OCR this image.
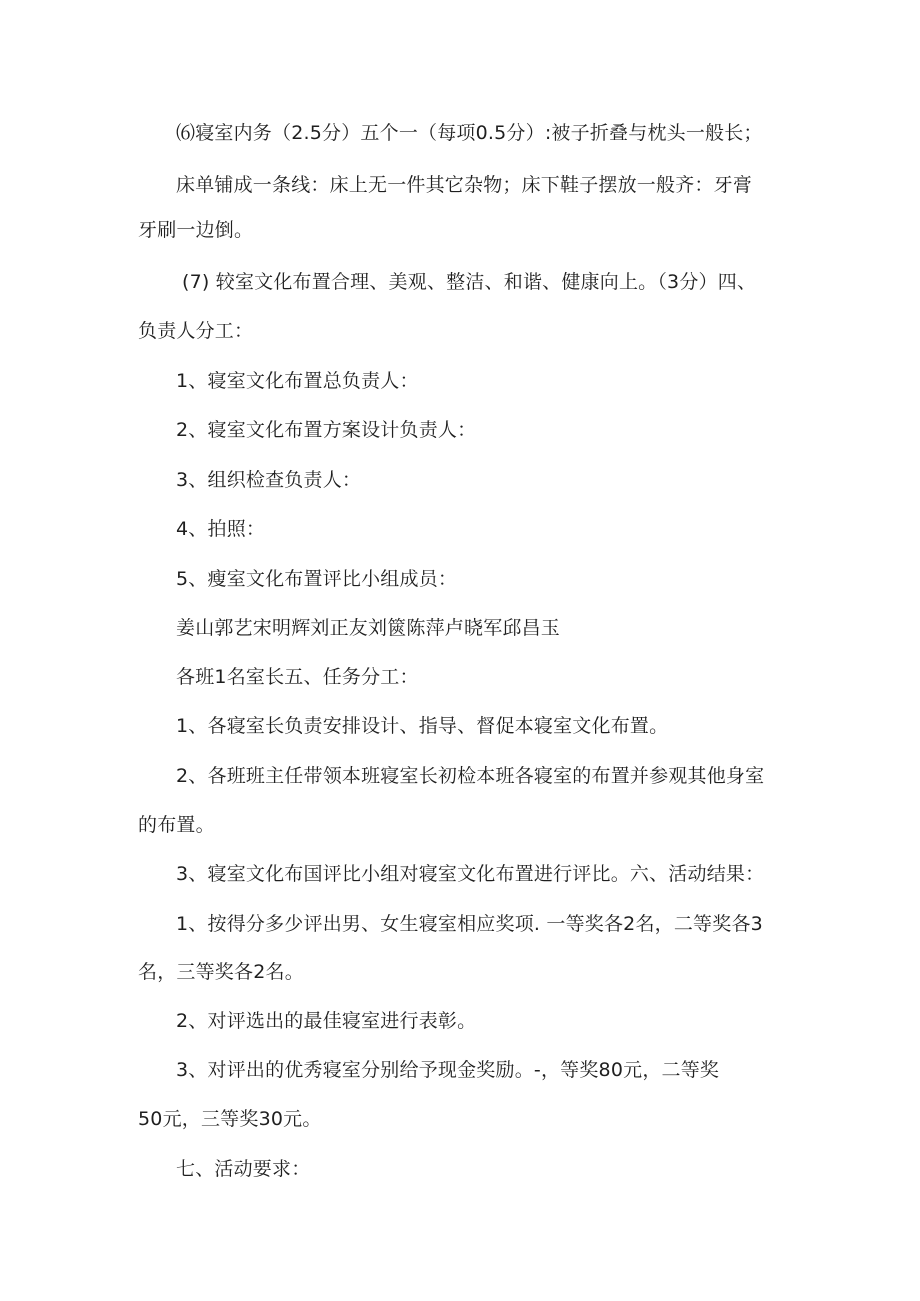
⑹寝室内务（2.5分）五个一（每项0.5分）:被子折叠与枕头一般长；
床单铺成一条线：床上无一件其它杂物；床下鞋子摆放一般齐：牙膏
牙刷一边倒。
(7) 较室文化布置合理、美观、整洁、和谐、健康向上。（3分）四、
负责人分工：
1、寝室文化布置总负责人：
2、寝室文化布置方案设计负责人：
3、组织检查负责人：
4、拍照：
5、瘦室文化布置评比小组成员：
姜山郭艺宋明辉刘正友刘篋陈萍卢晓军邱昌玉
各班1名室长五、任务分工：
1、各寝室长负责安排设计、指导、督促本寝室文化布置。
2、各班班主任带领本班寝室长初检本班各寝室的布置并参观其他身室
的布置。
3、寝室文化布国评比小组对寝室文化布置进行评比。六、活动结果：
1、按得分多少评出男、女生寝室相应奖项. 一等奖各2名，二等奖各3
名，三等奖各2名。
2、对评选出的最佳寝室进行表彰。
3、对评出的优秀寝室分别给予现金奖励。-，等奖80元，二等奖
50元，三等奖30元。
七、活动要求：
